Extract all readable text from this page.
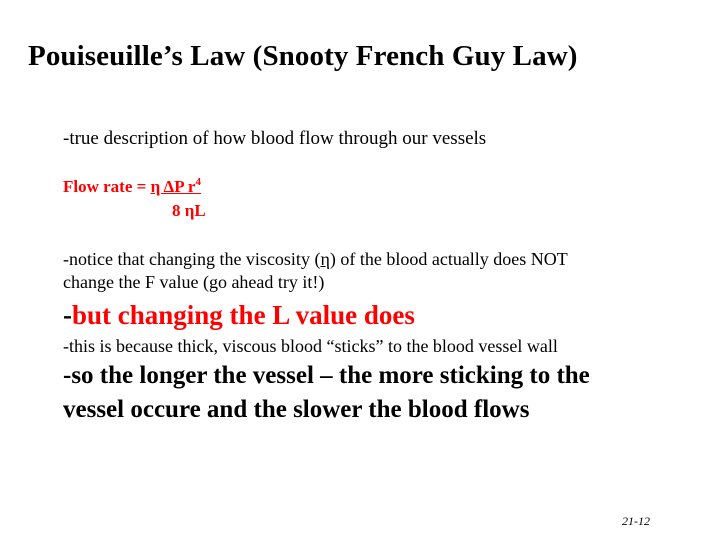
Pouiseuille’s Law (Snooty French Guy Law)
-true description of how blood flow through our vessels
Flow rate = η ΔP $r^4$
8 ηL
-notice that changing the viscosity (η) of the blood actually does NOT
change the F value (go ahead try it!)
-but changing the L value does
-this is because thick, viscous blood “sticks” to the blood vessel wall
-so the longer the vessel – the more sticking to the
vessel occure and the slower the blood flows
21-12
